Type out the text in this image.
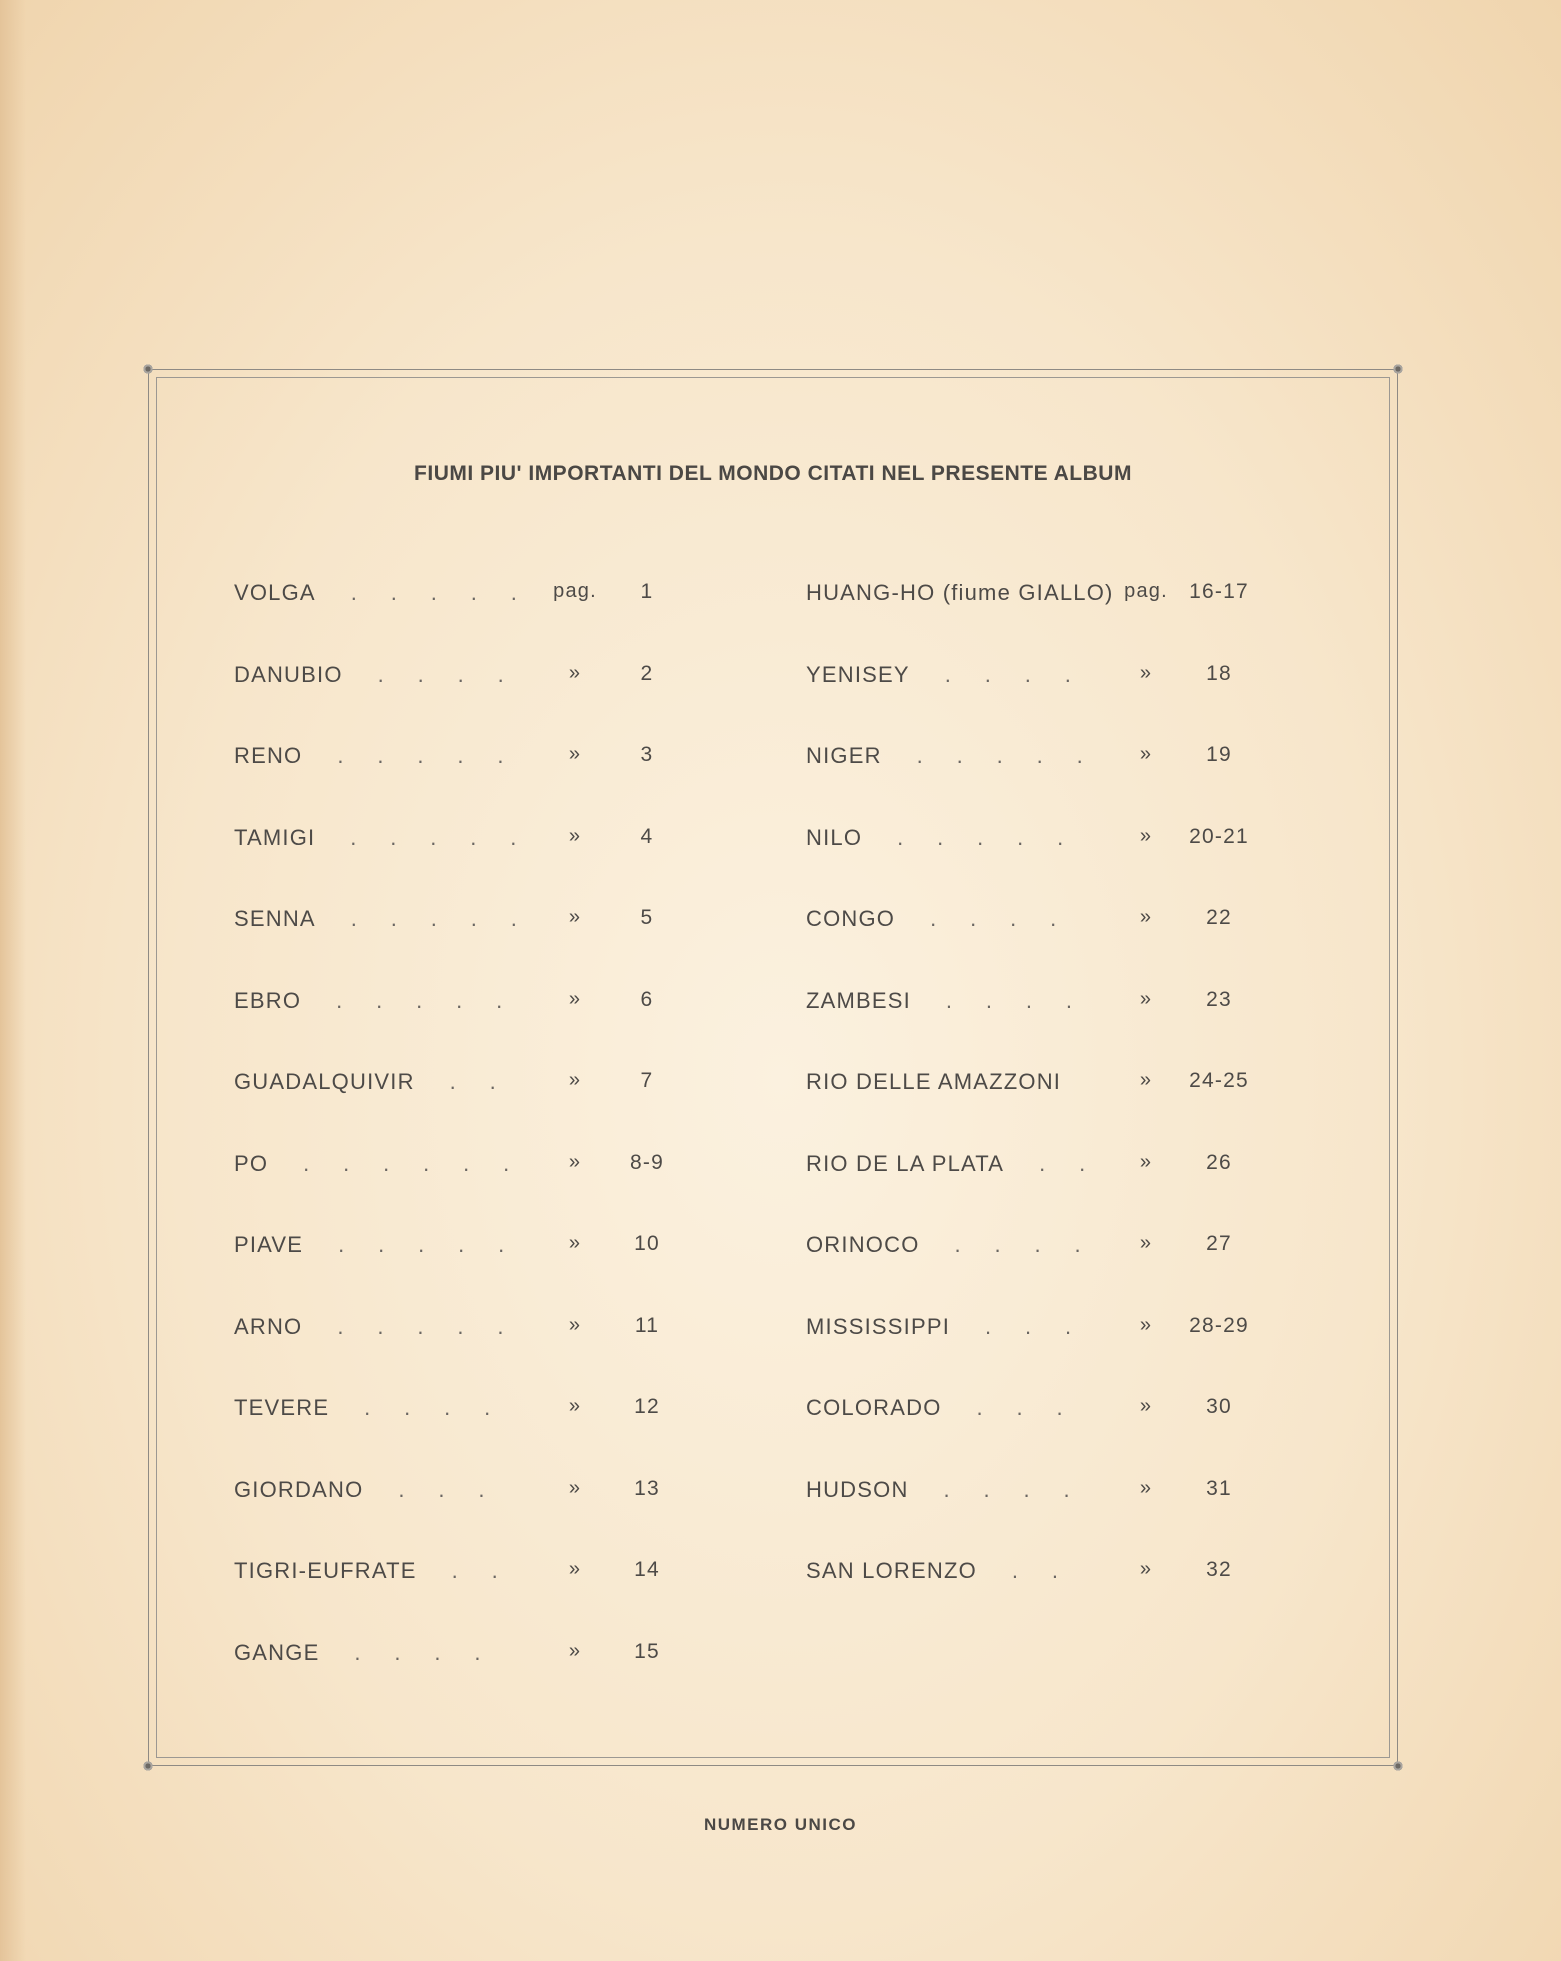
FIUMI PIU' IMPORTANTI DEL MONDO CITATI NEL PRESENTE ALBUM
VOLGA	. . . . .	pag.	1
DANUBIO	. . . .	»	2
RENO	. . . . .	»	3
TAMIGI	. . . . .	»	4
SENNA	. . . . .	»	5
EBRO	. . . . .	»	6
GUADALQUIVIR	. .	»	7
PO	. . . . . .	»	8-9
PIAVE	. . . . .	»	10
ARNO	. . . . .	»	11
TEVERE	. . . .	»	12
GIORDANO	. . .	»	13
TIGRI-EUFRATE	. .	»	14
GANGE	. . . .	»	15
HUANG-HO (fiume GIALLO) pag.	16-17
YENISEY	. . . .	»	18
NIGER	. . . . .	»	19
NILO	. . . . .	»	20-21
CONGO	. . . .	»	22
ZAMBESI	. . . .	»	23
RIO DELLE AMAZZONI	»	24-25
RIO DE LA PLATA	. .	»	26
ORINOCO	. . . .	»	27
MISSISSIPPI	. . .	»	28-29
COLORADO	. . .	»	30
HUDSON	. . . .	»	31
SAN LORENZO	. .	»	32
NUMERO UNICO
